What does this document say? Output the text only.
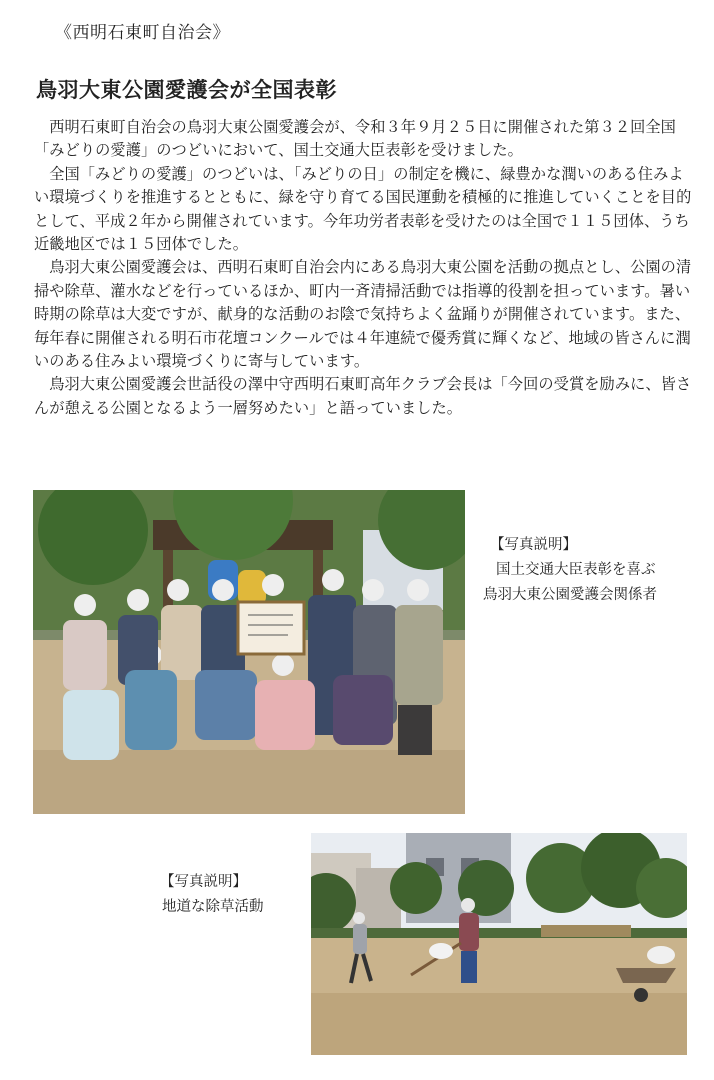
《西明石東町自治会》
鳥羽大東公園愛護会が全国表彰

西明石東町自治会の鳥羽大東公園愛護会が、令和３年９月２５日に開催された第３２回全国「みどりの愛護」のつどいにおいて、国土交通大臣表彰を受けました。

全国「みどりの愛護」のつどいは、「みどりの日」の制定を機に、緑豊かな潤いのある住みよい環境づくりを推進するとともに、緑を守り育てる国民運動を積極的に推進していくことを目的として、平成２年から開催されています。今年功労者表彰を受けたのは全国で１１５団体、うち近畿地区では１５団体でした。

鳥羽大東公園愛護会は、西明石東町自治会内にある鳥羽大東公園を活動の拠点とし、公園の清掃や除草、灌水などを行っているほか、町内一斉清掃活動では指導的役割を担っています。暑い時期の除草は大変ですが、献身的な活動のお陰で気持ちよく盆踊りが開催されています。また、毎年春に開催される明石市花壇コンクールでは４年連続で優秀賞に輝くなど、地域の皆さんに潤いのある住みよい環境づくりに寄与しています。

鳥羽大東公園愛護会世話役の澤中守西明石東町高年クラブ会長は「今回の受賞を励みに、皆さんが憩える公園となるよう一層努めたい」と語っていました。

【写真説明】
国土交通大臣表彰を喜ぶ
鳥羽大東公園愛護会関係者
【写真説明】
地道な除草活動
